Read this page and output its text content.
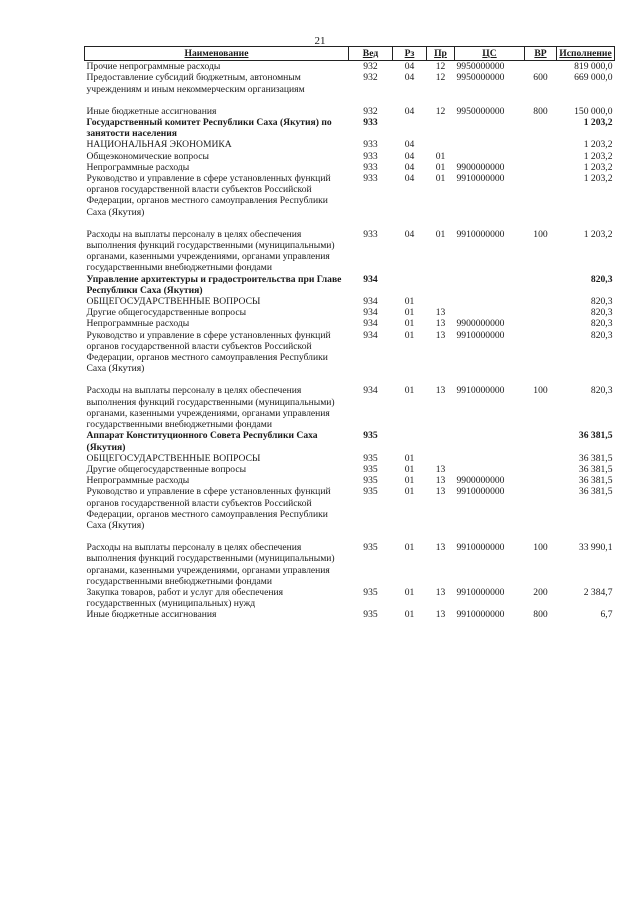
21
Наименование	Вед	Рз	Пр	ЦС	ВР	Исполнение
Прочие непрограммные расходы	932	04	12	9950000000		819 000,0
Предоставление субсидий бюджетным, автономным учреждениям и иным некоммерческим организациям	932	04	12	9950000000	600	669 000,0

Иные бюджетные ассигнования	932	04	12	9950000000	800	150 000,0
Государственный комитет Республики Саха (Якутия) по занятости населения	933					1 203,2
НАЦИОНАЛЬНАЯ ЭКОНОМИКА	933	04				1 203,2
Общеэкономические вопросы	933	04	01			1 203,2
Непрограммные расходы	933	04	01	9900000000		1 203,2
Руководство и управление в сфере установленных функций органов государственной власти субъектов Российской Федерации, органов местного самоуправления Республики Саха (Якутия)	933	04	01	9910000000		1 203,2

Расходы на выплаты персоналу в целях обеспечения выполнения функций государственными (муниципальными) органами, казенными учреждениями, органами управления государственными внебюджетными фондами	933	04	01	9910000000	100	1 203,2
Управление архитектуры и градостроительства при Главе Республики Саха (Якутия)	934					820,3
ОБЩЕГОСУДАРСТВЕННЫЕ ВОПРОСЫ	934	01				820,3
Другие общегосударственные вопросы	934	01	13			820,3
Непрограммные расходы	934	01	13	9900000000		820,3
Руководство и управление в сфере установленных функций органов государственной власти субъектов Российской Федерации, органов местного самоуправления Республики Саха (Якутия)	934	01	13	9910000000		820,3

Расходы на выплаты персоналу в целях обеспечения выполнения функций государственными (муниципальными) органами, казенными учреждениями, органами управления государственными внебюджетными фондами	934	01	13	9910000000	100	820,3
Аппарат Конституционного Совета Республики Саха (Якутия)	935					36 381,5
ОБЩЕГОСУДАРСТВЕННЫЕ ВОПРОСЫ	935	01				36 381,5
Другие общегосударственные вопросы	935	01	13			36 381,5
Непрограммные расходы	935	01	13	9900000000		36 381,5
Руководство и управление в сфере установленных функций органов государственной власти субъектов Российской Федерации, органов местного самоуправления Республики Саха (Якутия)	935	01	13	9910000000		36 381,5

Расходы на выплаты персоналу в целях обеспечения выполнения функций государственными (муниципальными) органами, казенными учреждениями, органами управления государственными внебюджетными фондами	935	01	13	9910000000	100	33 990,1
Закупка товаров, работ и услуг для обеспечения государственных (муниципальных) нужд	935	01	13	9910000000	200	2 384,7
Иные бюджетные ассигнования	935	01	13	9910000000	800	6,7
